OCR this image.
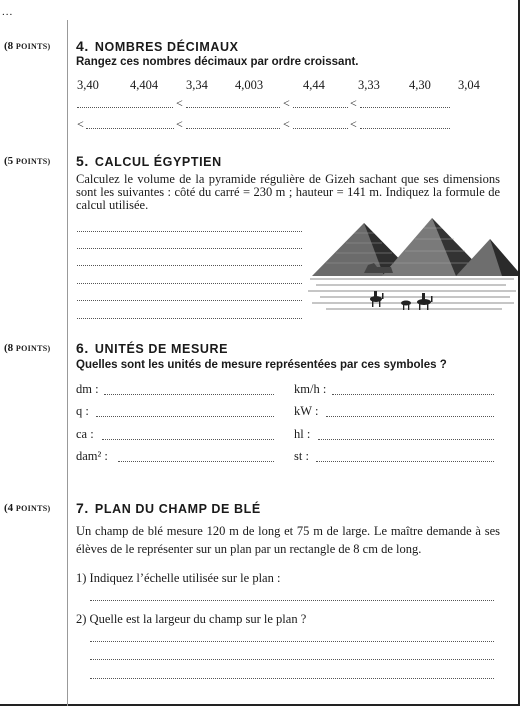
...
(8 POINTS) 4. NOMBRES DÉCIMAUX
Rangez ces nombres décimaux par ordre croissant.
3,40 4,404 3,34 4,003	4,44	3,33 4,30 3,04
<	<	<
<	<	<	<
(5 POINTS) 5. CALCUL ÉGYPTIEN
Calculez le volume de la pyramide régulière de Gizeh sachant que ses dimensions sont les suivantes : côté du carré = 230 m ; hauteur = 141 m. Indiquez la formule de calcul utilisée.
(8 POINTS) 6. UNITÉS DE MESURE
Quelles sont les unités de mesure représentées par ces symboles ?
dm :	km/h :
q :	kW :
ca :	hl :
dam² :	st :
(4 POINTS) 7. PLAN DU CHAMP DE BLÉ
Un champ de blé mesure 120 m de long et 75 m de large. Le maître demande à ses élèves de le représenter sur un plan par un rectangle de 8 cm de long.
1) Indiquez l’échelle utilisée sur le plan :
2) Quelle est la largeur du champ sur le plan ?
